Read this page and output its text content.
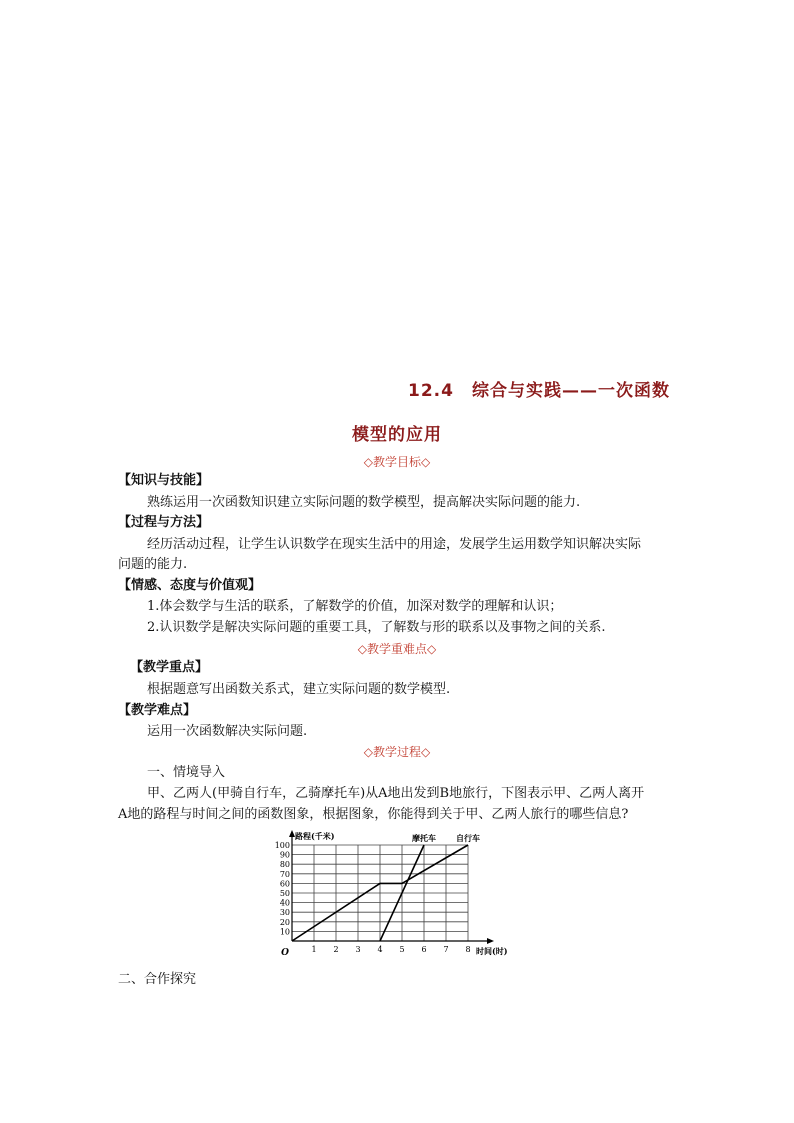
12.4　综合与实践——一次函数
模型的应用
◇教学目标◇
【知识与技能】
熟练运用一次函数知识建立实际问题的数学模型，提高解决实际问题的能力.
【过程与方法】
经历活动过程，让学生认识数学在现实生活中的用途，发展学生运用数学知识解决实际
问题的能力.
【情感、态度与价值观】
1.体会数学与生活的联系，了解数学的价值，加深对数学的理解和认识；
2.认识数学是解决实际问题的重要工具，了解数与形的联系以及事物之间的关系.
◇教学重难点◇
【教学重点】
根据题意写出函数关系式，建立实际问题的数学模型.
【教学难点】
运用一次函数解决实际问题.
◇教学过程◇
一、情境导入
甲、乙两人(甲骑自行车，乙骑摩托车)从A地出发到B地旅行，下图表示甲、乙两人离开
A地的路程与时间之间的函数图象，根据图象，你能得到关于甲、乙两人旅行的哪些信息?
1 2 3 4 5 6 7 8
10
20
30
40
50
60
70
80
90
100
O
路程(千米)
时间(时)
自行车
摩托车
二、合作探究
